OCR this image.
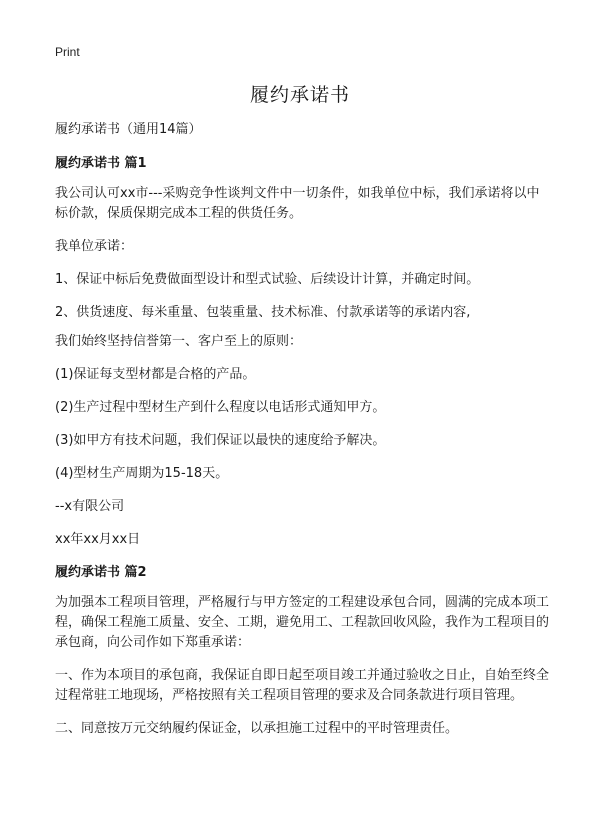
Print
履约承诺书

履约承诺书（通用14篇）

履约承诺书 篇1

我公司认可xx市---采购竞争性谈判文件中一切条件，如我单位中标，我们承诺将以中标价款，保质保期完成本工程的供货任务。

我单位承诺：

1、保证中标后免费做面型设计和型式试验、后续设计计算，并确定时间。

2、供货速度、每米重量、包装重量、技术标准、付款承诺等的承诺内容,

我们始终坚持信誉第一、客户至上的原则：

(1)保证每支型材都是合格的产品。

(2)生产过程中型材生产到什么程度以电话形式通知甲方。

(3)如甲方有技术问题，我们保证以最快的速度给予解决。

(4)型材生产周期为15-18天。

--x有限公司

xx年xx月xx日

履约承诺书 篇2

为加强本工程项目管理，严格履行与甲方签定的工程建设承包合同，圆满的完成本项工程，确保工程施工质量、安全、工期，避免用工、工程款回收风险，我作为工程项目的承包商，向公司作如下郑重承诺：

一、作为本项目的承包商，我保证自即日起至项目竣工并通过验收之日止，自始至终全过程常驻工地现场，严格按照有关工程项目管理的要求及合同条款进行项目管理。

二、同意按万元交纳履约保证金，以承担施工过程中的平时管理责任。
